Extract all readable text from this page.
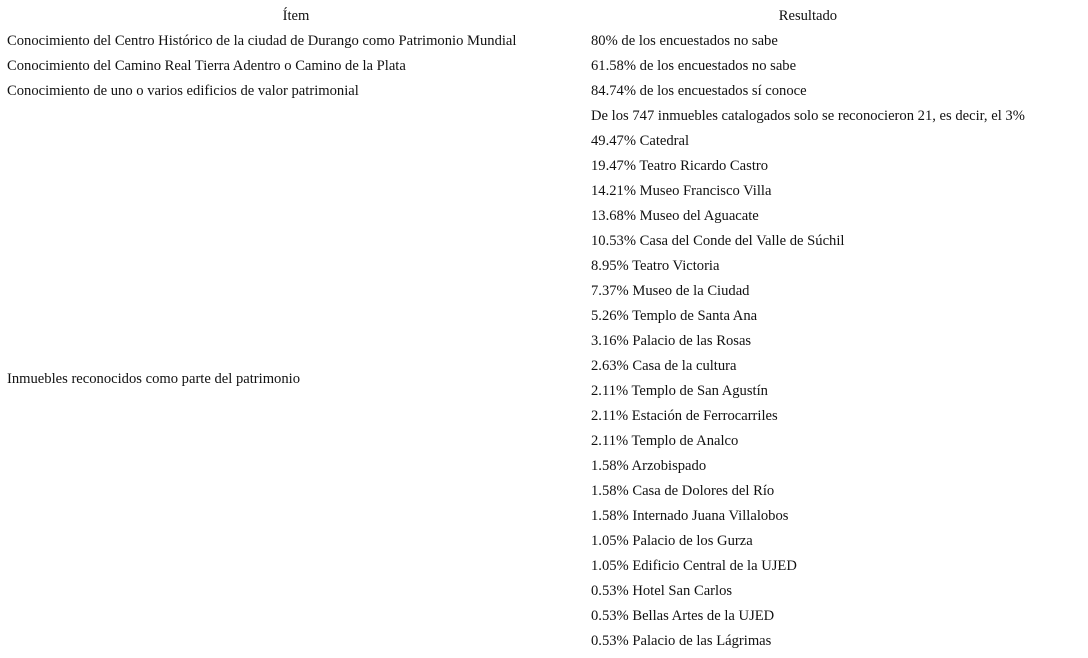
Ítem	Resultado
Conocimiento del Centro Histórico de la ciudad de Durango como Patrimonio Mundial	80% de los encuestados no sabe
Conocimiento del Camino Real Tierra Adentro o Camino de la Plata	61.58% de los encuestados no sabe
Conocimiento de uno o varios edificios de valor patrimonial	84.74% de los encuestados sí conoce
Inmuebles reconocidos como parte del patrimonio	De los 747 inmuebles catalogados solo se reconocieron 21, es decir, el 3%
	49.47% Catedral
	19.47% Teatro Ricardo Castro
	14.21% Museo Francisco Villa
	13.68% Museo del Aguacate
	10.53% Casa del Conde del Valle de Súchil
	8.95% Teatro Victoria
	7.37% Museo de la Ciudad
	5.26% Templo de Santa Ana
	3.16% Palacio de las Rosas
	2.63% Casa de la cultura
	2.11% Templo de San Agustín
	2.11% Estación de Ferrocarriles
	2.11% Templo de Analco
	1.58% Arzobispado
	1.58% Casa de Dolores del Río
	1.58% Internado Juana Villalobos
	1.05% Palacio de los Gurza
	1.05% Edificio Central de la UJED
	0.53% Hotel San Carlos
	0.53% Bellas Artes de la UJED
	0.53% Palacio de las Lágrimas
